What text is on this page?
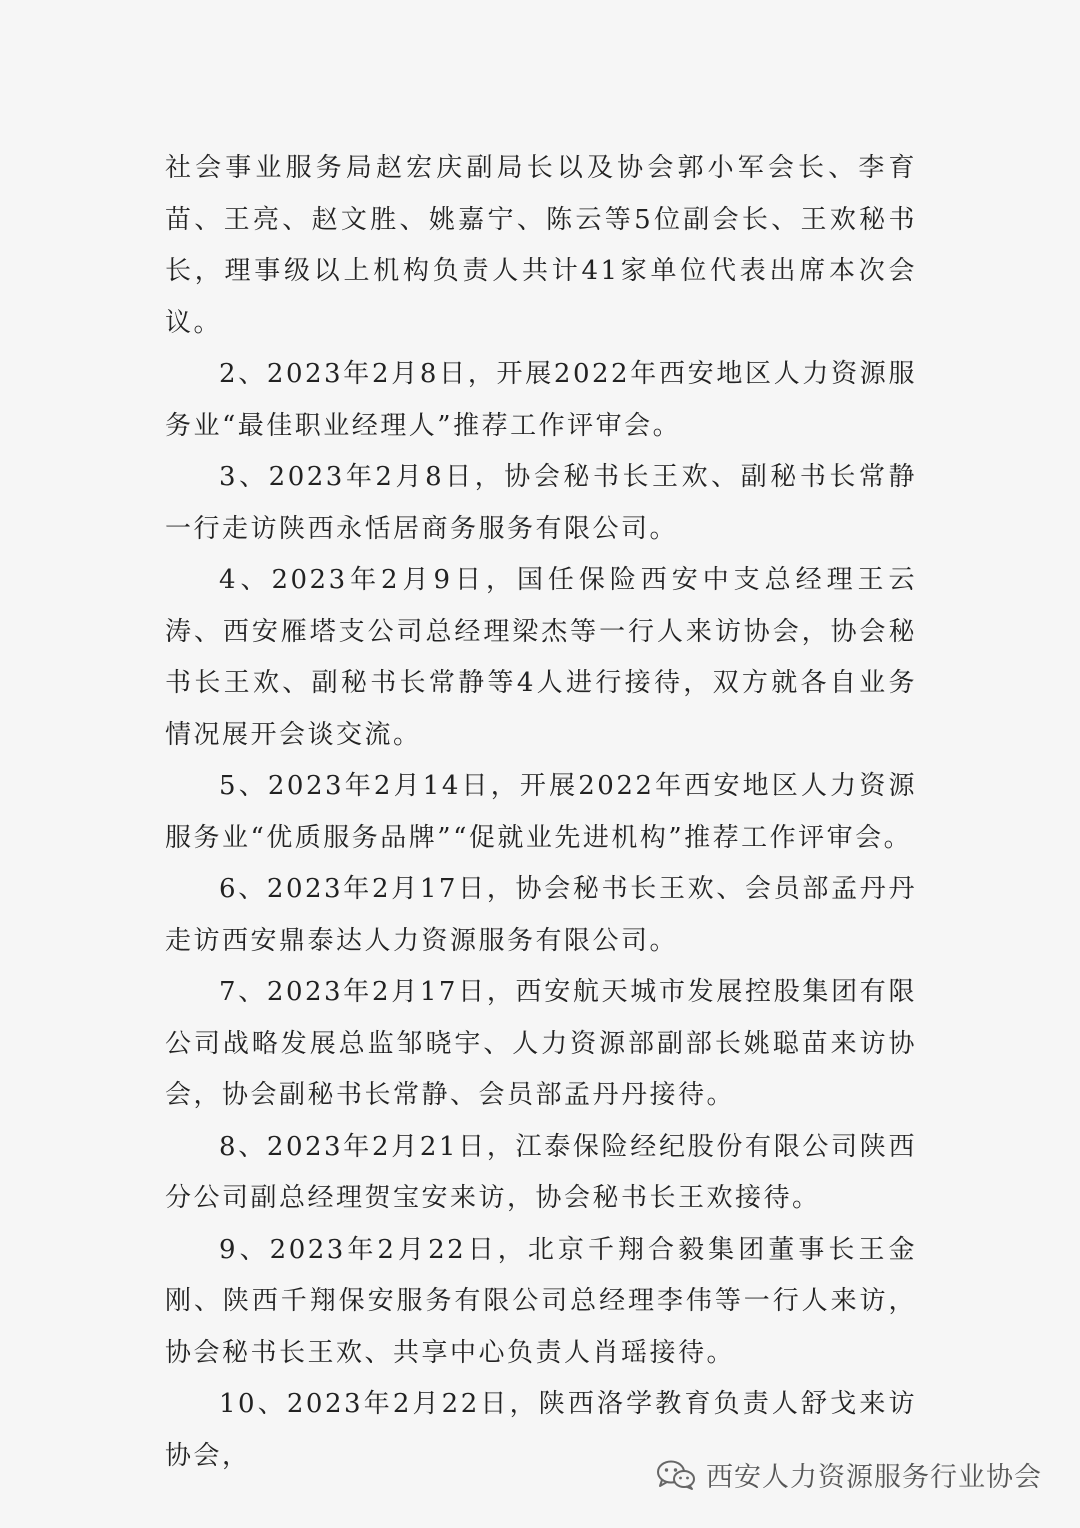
社会事业服务局赵宏庆副局长以及协会郭小军会长、李育苗、王亮、赵文胜、姚嘉宁、陈云等5位副会长、王欢秘书长，理事级以上机构负责人共计41家单位代表出席本次会议。

2、2023年2月8日，开展2022年西安地区人力资源服务业“最佳职业经理人”推荐工作评审会。

3、2023年2月8日，协会秘书长王欢、副秘书长常静一行走访陕西永恬居商务服务有限公司。

4、2023年2月9日，国任保险西安中支总经理王云涛、西安雁塔支公司总经理梁杰等一行人来访协会，协会秘书长王欢、副秘书长常静等4人进行接待，双方就各自业务情况展开会谈交流。

5、2023年2月14日，开展2022年西安地区人力资源服务业“优质服务品牌”“促就业先进机构”推荐工作评审会。

6、2023年2月17日，协会秘书长王欢、会员部孟丹丹走访西安鼎泰达人力资源服务有限公司。

7、2023年2月17日，西安航天城市发展控股集团有限公司战略发展总监邹晓宇、人力资源部副部长姚聪苗来访协会，协会副秘书长常静、会员部孟丹丹接待。

8、2023年2月21日，江泰保险经纪股份有限公司陕西分公司副总经理贺宝安来访，协会秘书长王欢接待。

9、2023年2月22日，北京千翔合毅集团董事长王金刚、陕西千翔保安服务有限公司总经理李伟等一行人来访，协会秘书长王欢、共享中心负责人肖瑶接待。

10、2023年2月22日，陕西洛学教育负责人舒戈来访协会，

西安人力资源服务行业协会
